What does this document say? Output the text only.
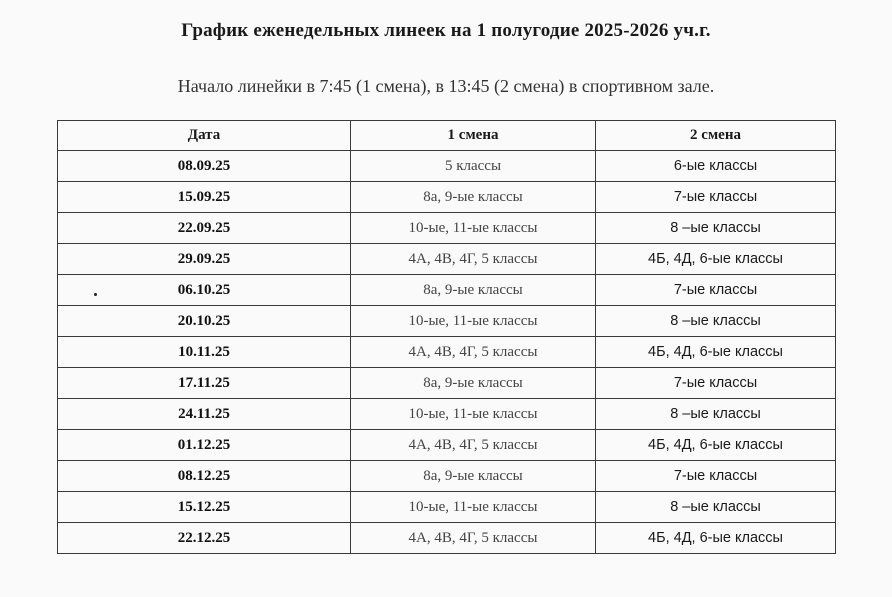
График еженедельных линеек на 1 полугодие 2025-2026 уч.г.
Начало линейки в 7:45 (1 смена), в 13:45 (2 смена) в спортивном зале.
Дата	1 смена	2 смена
08.09.25	5 классы	6-ые классы
15.09.25	8а, 9-ые классы	7-ые классы
22.09.25	10-ые, 11-ые классы	8 –ые классы
29.09.25	4А, 4В, 4Г, 5 классы	4Б, 4Д, 6-ые классы
06.10.25	8а, 9-ые классы	7-ые классы
20.10.25	10-ые, 11-ые классы	8 –ые классы
10.11.25	4А, 4В, 4Г, 5 классы	4Б, 4Д, 6-ые классы
17.11.25	8а, 9-ые классы	7-ые классы
24.11.25	10-ые, 11-ые классы	8 –ые классы
01.12.25	4А, 4В, 4Г, 5 классы	4Б, 4Д, 6-ые классы
08.12.25	8а, 9-ые классы	7-ые классы
15.12.25	10-ые, 11-ые классы	8 –ые классы
22.12.25	4А, 4В, 4Г, 5 классы	4Б, 4Д, 6-ые классы
